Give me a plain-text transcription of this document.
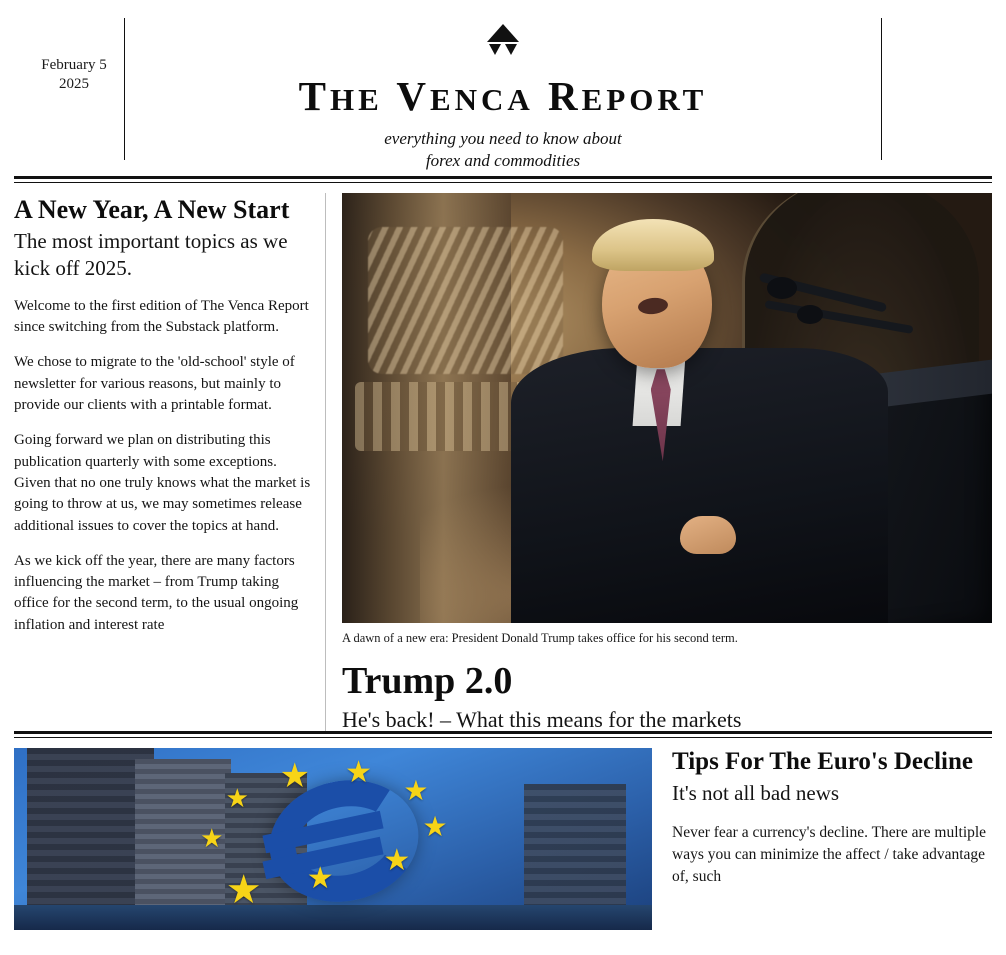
February 5
2025	THE VENCA REPORT
everything you need to know about
forex and commodities
A New Year, A New Start

The most important topics as we kick off 2025.

Welcome to the first edition of The Venca Report since switching from the Substack platform.

We chose to migrate to the 'old-school' style of newsletter for various reasons, but mainly to provide our clients with a printable format.

Going forward we plan on distributing this publication quarterly with some exceptions. Given that no one truly knows what the market is going to throw at us, we may sometimes release additional issues to cover the topics at hand.

As we kick off the year, there are many factors influencing the market – from Trump taking office for the second term, to the usual ongoing inflation and interest rate

A dawn of a new era: President Donald Trump takes office for his second term.

Trump 2.0

He's back! – What this means for the markets

Tips For The Euro's Decline

It's not all bad news

Never fear a currency's decline. There are multiple ways you can minimize the affect / take advantage of, such
